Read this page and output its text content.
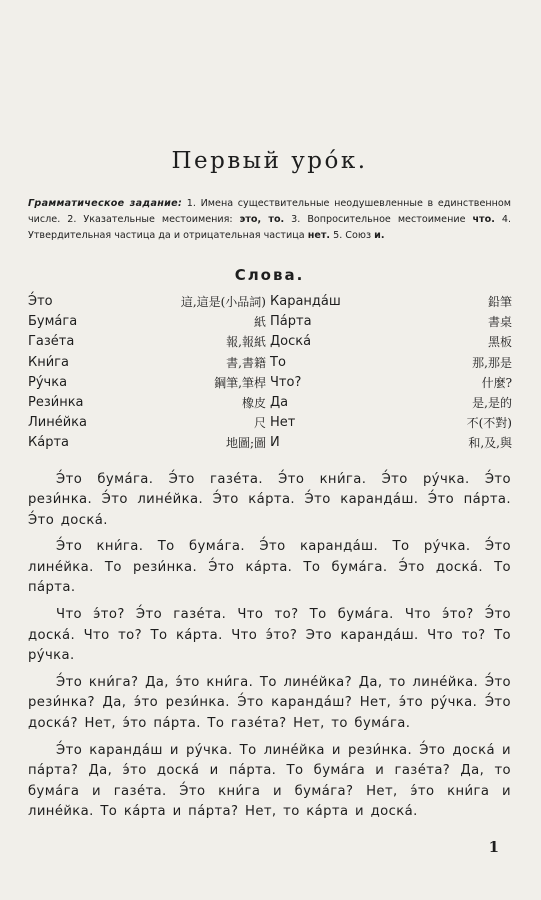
Первый уро́к.
Грамматическое задание: 1. Имена существительные неодушевленные в единственном числе. 2. Указательные местоимения: это, то. 3. Вопросительное местоимение что. 4. Утвердительная частица да и отрицательная частица нет. 5. Союз и.
Слова.
Э́то	這,這是(小品詞)
Бума́га	紙
Газе́та	報,報紙
Кни́га	書,書籍
Ру́чка	鋼筆,筆桿
Рези́нка	橡皮
Лине́йка	尺
Ка́рта	地圖;圖
Каранда́ш	鉛筆
Па́рта	書桌
Доска́	黑板
То	那,那是
Что?	什麼?
Да	是,是的
Нет	不(不對)
И	和,及,與

Э́то бума́га. Э́то газе́та. Э́то кни́га. Э́то ру́чка. Э́то рези́нка. Э́то лине́йка. Э́то ка́рта. Э́то каранда́ш. Э́то па́рта. Э́то доска́.

Э́то кни́га. То бума́га. Э́то каранда́ш. То ру́чка. Э́то лине́йка. То рези́нка. Э́то ка́рта. То бума́га. Э́то доска́. То па́рта.

Что э́то? Э́то газе́та. Что то? То бума́га. Что э́то? Э́то доска́. Что то? То ка́рта. Что э́то? Это каранда́ш. Что то? То ру́чка.

Э́то кни́га? Да, э́то кни́га. То лине́йка? Да, то лине́йка. Э́то рези́нка? Да, э́то рези́нка. Э́то каранда́ш? Нет, э́то ру́чка. Э́то доска́? Нет, э́то па́рта. То газе́та? Нет, то бума́га.

Э́то каранда́ш и ру́чка. То лине́йка и рези́нка. Э́то доска́ и па́рта? Да, э́то доска́ и па́рта. То бума́га и газе́та? Да, то бума́га и газе́та. Э́то кни́га и бума́га? Нет, э́то кни́га и лине́йка. То ка́рта и па́рта? Нет, то ка́рта и доска́.

1
